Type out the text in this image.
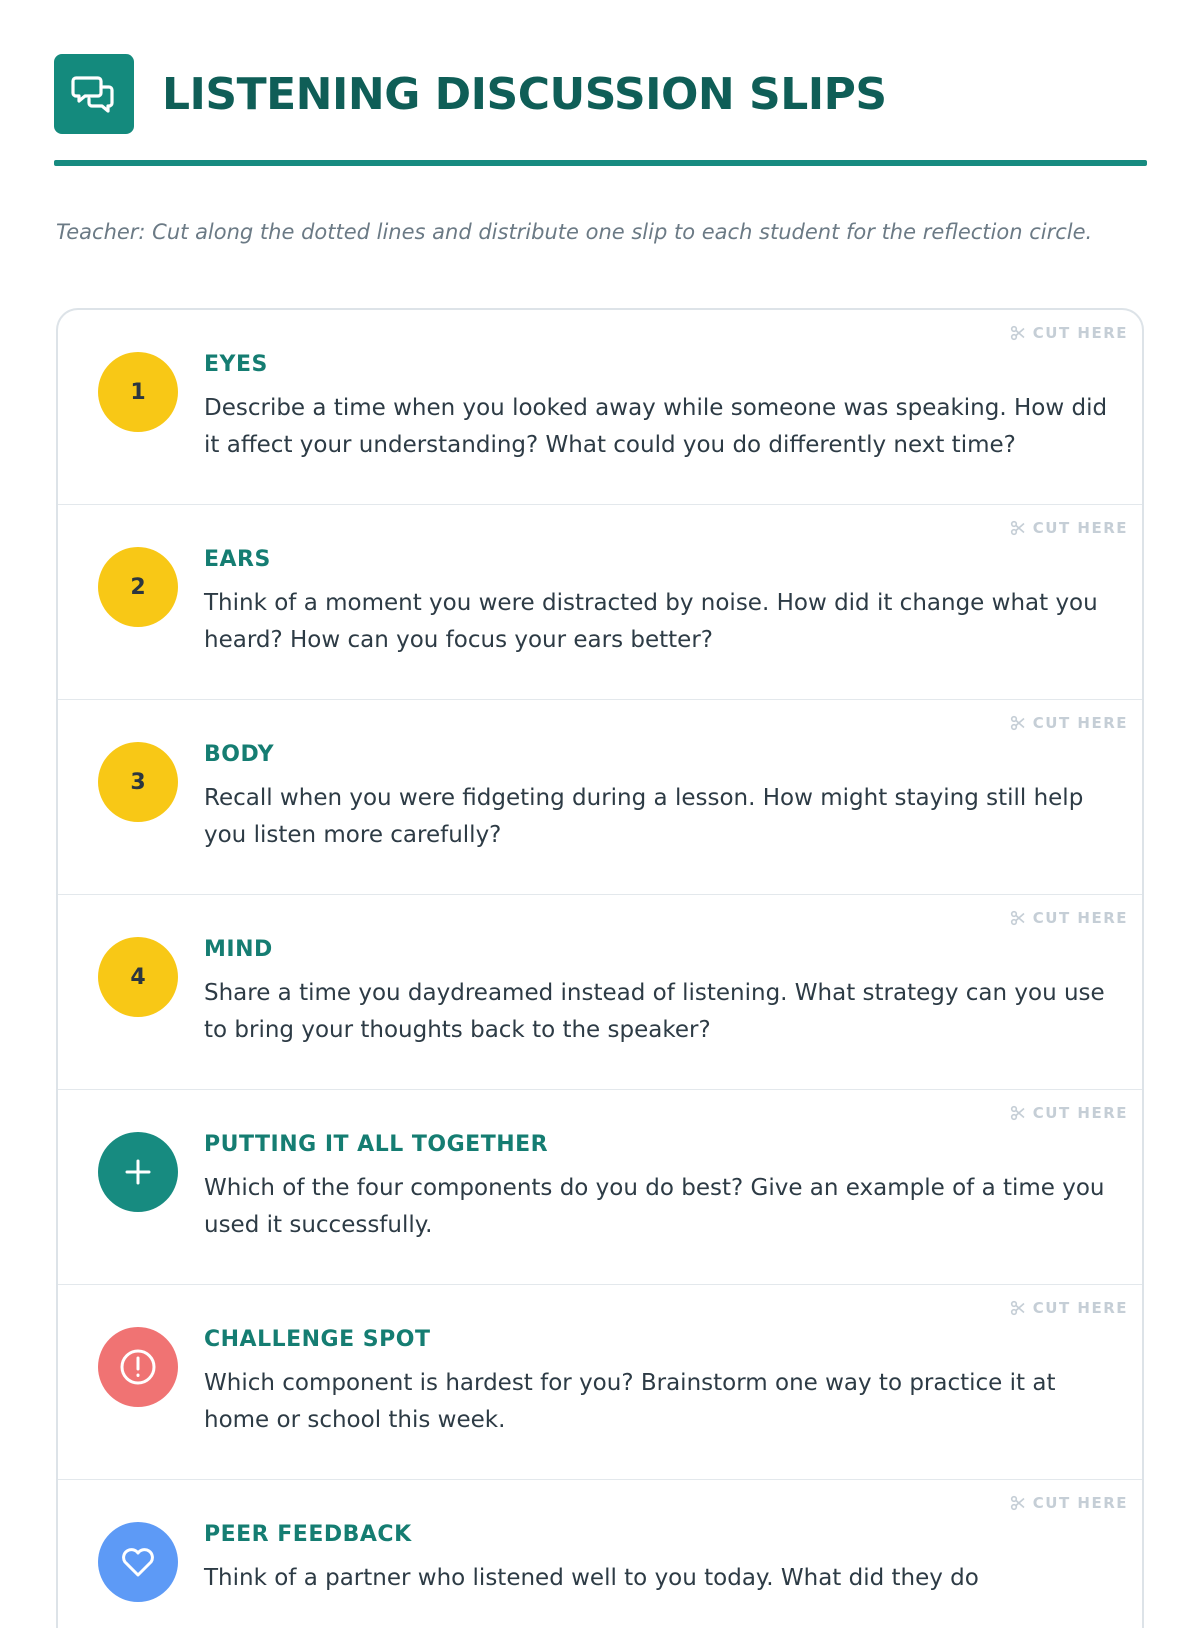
LISTENING DISCUSSION SLIPS
Teacher: Cut along the dotted lines and distribute one slip to each student for the reflection circle.
CUT HERE
1
EYES
Describe a time when you looked away while someone was speaking. How did it affect your understanding? What could you do differently next time?
CUT HERE
2
EARS
Think of a moment you were distracted by noise. How did it change what you heard? How can you focus your ears better?
CUT HERE
3
BODY
Recall when you were fidgeting during a lesson. How might staying still help you listen more carefully?
CUT HERE
4
MIND
Share a time you daydreamed instead of listening. What strategy can you use to bring your thoughts back to the speaker?
CUT HERE
PUTTING IT ALL TOGETHER
Which of the four components do you do best? Give an example of a time you used it successfully.
CUT HERE
CHALLENGE SPOT
Which component is hardest for you? Brainstorm one way to practice it at home or school this week.
CUT HERE
PEER FEEDBACK
Think of a partner who listened well to you today. What did they do
